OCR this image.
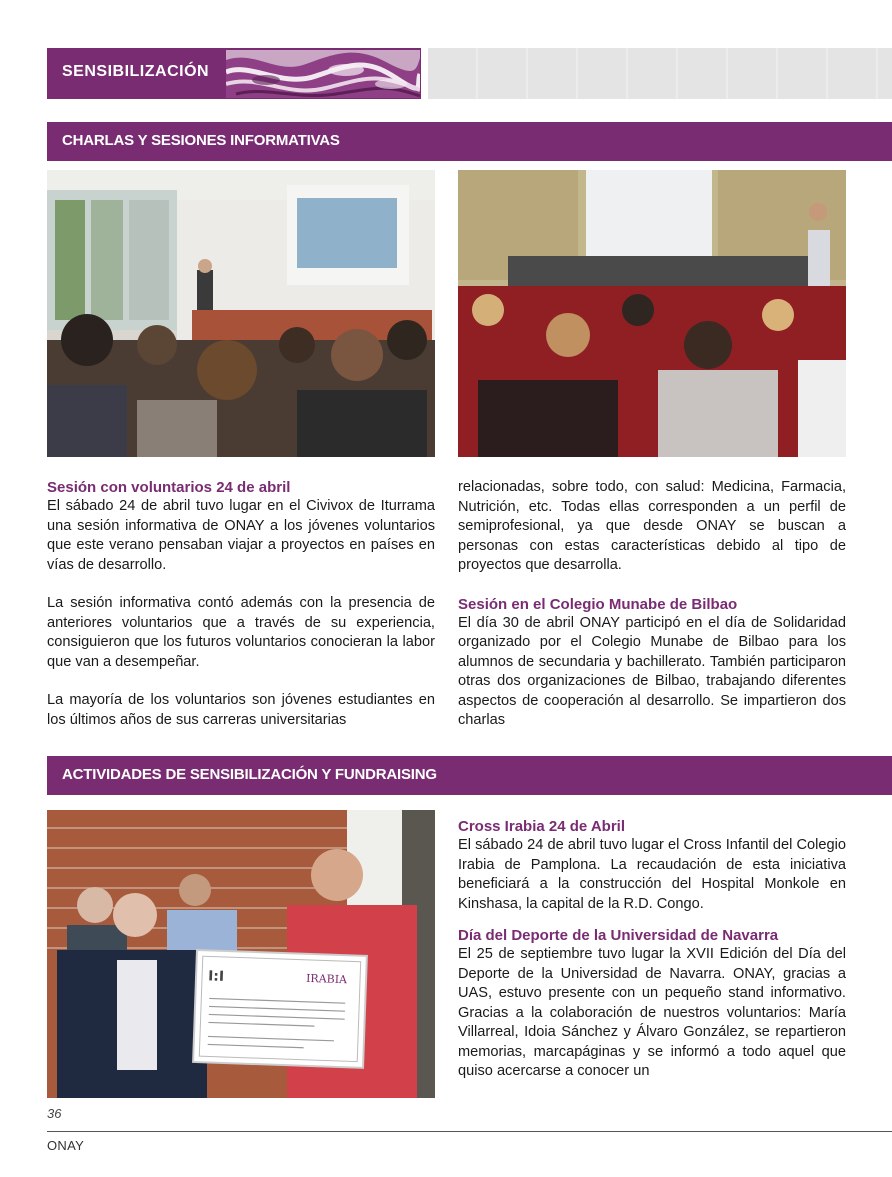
SENSIBILIZACIÓN
CHARLAS Y SESIONES INFORMATIVAS

Sesión con voluntarios 24 de abril

El sábado 24 de abril tuvo lugar en el Civivox de Iturrama una sesión informativa de ONAY a los jóvenes voluntarios que este verano pensaban viajar a proyectos en países en vías de desarrollo.

La sesión informativa contó además con la presencia de anteriores voluntarios que a través de su experiencia, consiguieron que los futuros voluntarios conocieran la labor que van a desempeñar.

La mayoría de los voluntarios son jóvenes estudiantes en los últimos años de sus carreras universitarias

relacionadas, sobre todo, con salud: Medicina, Farmacia, Nutrición, etc. Todas ellas corresponden a un perfil de semiprofesional, ya que desde ONAY se buscan a personas con estas características debido al tipo de proyectos que desarrolla.

Sesión en el Colegio Munabe de Bilbao

El día 30 de abril ONAY participó en el día de Solidaridad organizado por el Colegio Munabe de Bilbao para los alumnos de secundaria y bachillerato. También participaron otras dos organizaciones de Bilbao, trabajando diferentes aspectos de cooperación al desarrollo. Se impartieron dos charlas

ACTIVIDADES DE SENSIBILIZACIÓN Y FUNDRAISING
I:I	IRABIA

Cross Irabia 24 de Abril

El sábado 24 de abril tuvo lugar el Cross Infantil del Colegio Irabia de Pamplona. La recaudación de esta iniciativa beneficiará a la construcción del Hospital Monkole en Kinshasa, la capital de la R.D. Congo.

Día del Deporte de la Universidad de Navarra

El 25 de septiembre tuvo lugar la XVII Edición del Día del Deporte de la Universidad de Navarra. ONAY, gracias a UAS, estuvo presente con un pequeño stand informativo. Gracias a la colaboración de nuestros voluntarios: María Villarreal, Idoia Sánchez y Álvaro González, se repartieron memorias, marcapáginas y se informó a todo aquel que quiso acercarse a conocer un

36
ONAY
